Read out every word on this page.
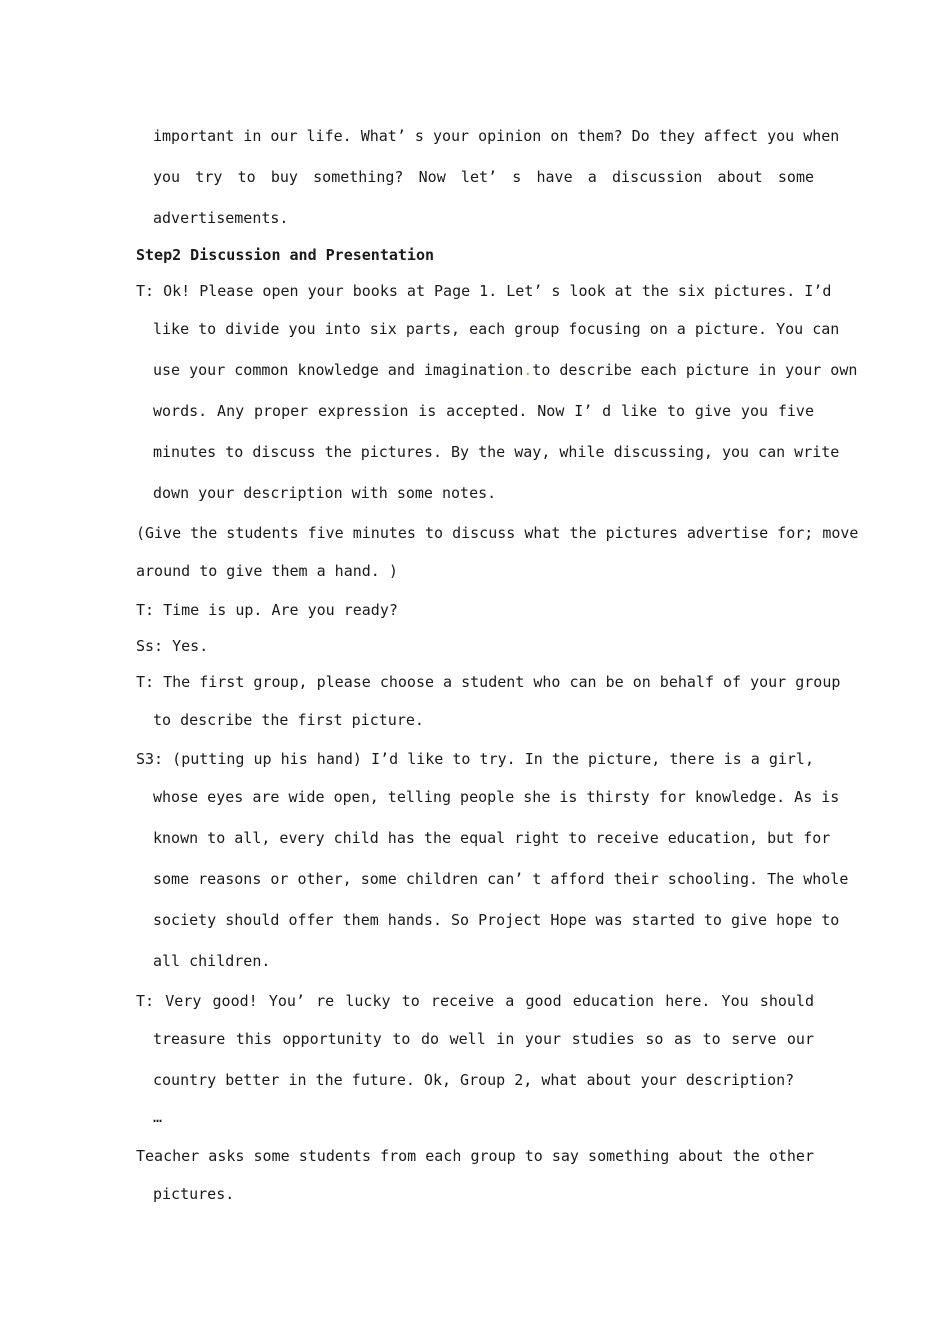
important in our life. What’ s your opinion on them? Do they affect you when
you try to buy something? Now let’ s have a discussion about some
advertisements.
Step2 Discussion and Presentation
T: Ok! Please open your books at Page 1. Let’ s look at the six pictures. I’d
like to divide you into six parts, each group focusing on a picture. You can
use your common knowledge and imagination . to describe each picture in your own
words. Any proper expression is accepted. Now I’ d like to give you five
minutes to discuss the pictures. By the way, while discussing, you can write
down your description with some notes.
(Give the students five minutes to discuss what the pictures advertise for; move
around to give them a hand. )
T: Time is up. Are you ready?
Ss: Yes.
T: The first group, please choose a student who can be on behalf of your group
to describe the first picture.
S3: (putting up his hand) I’d like to try. In the picture, there is a girl,
whose eyes are wide open, telling people she is thirsty for knowledge. As is
known to all, every child has the equal right to receive education, but for
some reasons or other, some children can’ t afford their schooling. The whole
society should offer them hands. So Project Hope was started to give hope to
all children.
T: Very good! You’ re lucky to receive a good education here. You should
treasure this opportunity to do well in your studies so as to serve our
country better in the future. Ok, Group 2, what about your description?
…
Teacher asks some students from each group to say something about the other
pictures.
